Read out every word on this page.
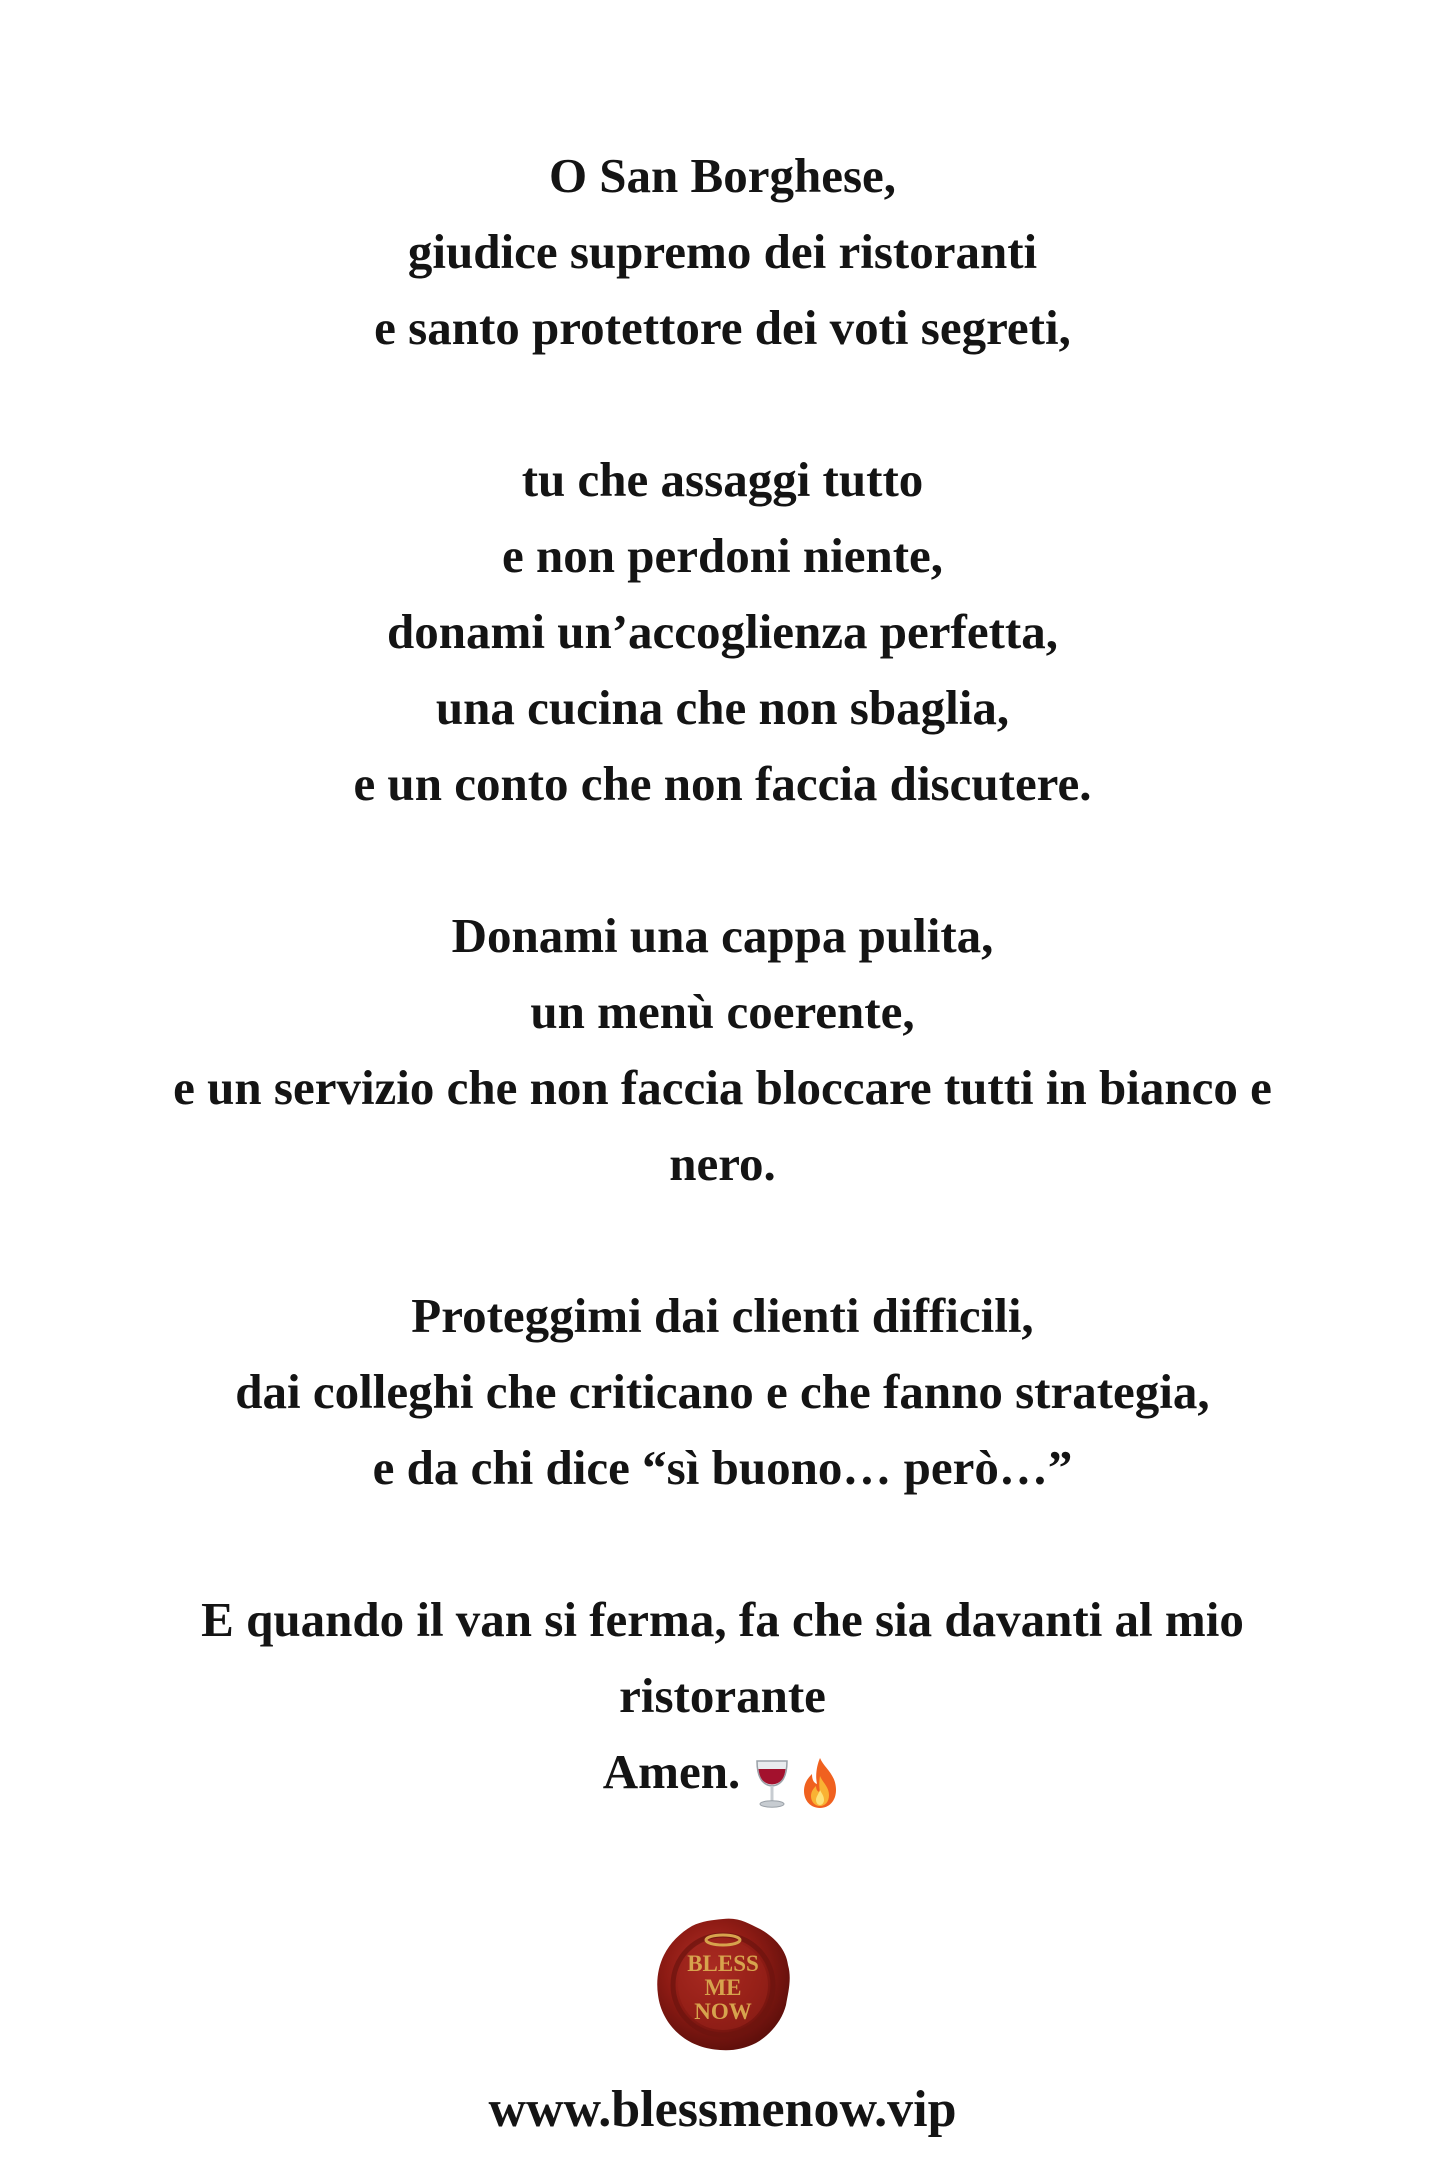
O San Borghese,
giudice supremo dei ristoranti
e santo protettore dei voti segreti,
tu che assaggi tutto
e non perdoni niente,
donami un’accoglienza perfetta,
una cucina che non sbaglia,
e un conto che non faccia discutere.
Donami una cappa pulita,
un menù coerente,
e un servizio che non faccia bloccare tutti in bianco e nero.
Proteggimi dai clienti difficili,
dai colleghi che criticano e che fanno strategia,
e da chi dice “sì buono… però…”
E quando il van si ferma, fa che sia davanti al mio ristorante
Amen.
BLESS
ME
NOW
www.blessmenow.vip
